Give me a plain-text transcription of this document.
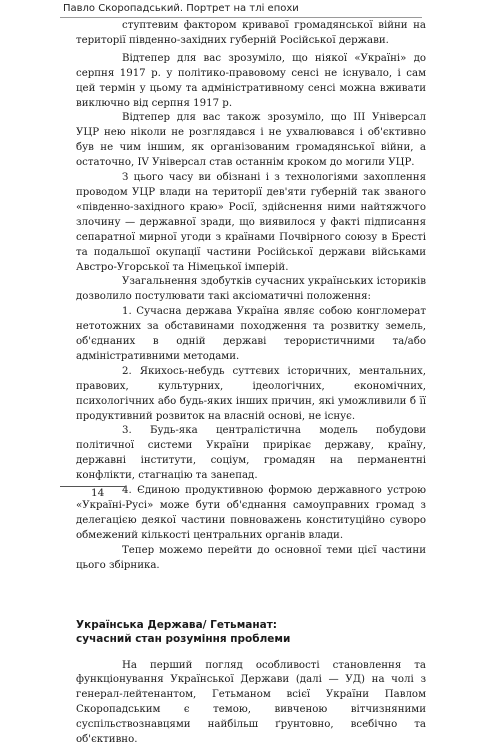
Павло Скоропадський. Портрет на тлі епохи

ступтевим фактором кривавої громадянської війни на території південно-західних губерній Російської держави.

Відтепер для вас зрозуміло, що ніякої «Україні» до серпня 1917 р. у політико-правовому сенсі не існувало, і сам цей термін у цьому та адміністративному сенсі можна вживати виключно від серпня 1917 р.

Відтепер для вас також зрозуміло, що III Універсал УЦР нею ніколи не розглядався і не ухвалювався і об'єктивно був не чим іншим, як організованим громадянської війни, а остаточно, IV Універсал став останнім кроком до могили УЦР.

З цього часу ви обізнані і з технологіями захоплення проводом УЦР влади на території дев'яти губерній так званого «південно-західного краю» Росії, здійснення ними найтяжчого злочину — державної зради, що виявилося у факті підписання сепаратної мирної угоди з країнами Почвірного союзу в Бресті та подальшої окупації частини Російської держави військами Австро-Угорської та Німецької імперій.

Узагальнення здобутків сучасних українських істориків дозволило постулювати такі аксіоматичні положення:

1. Сучасна держава Україна являє собою конгломерат нетотожних за обставинами походження та розвитку земель, об'єднаних в одній державі терористичними та/або адміністративними методами.

2. Якихось-небудь суттєвих історичних, ментальних, правових, культурних, ідеологічних, економічних, психологічних або будь-яких інших причин, які уможливили б її продуктивний розвиток на власній основі, не існує.

3. Будь-яка централістична модель побудови політичної системи України прирікає державу, країну, державні інститути, соціум, громадян на перманентні конфлікти, стагнацію та занепад.

4. Єдиною продуктивною формою державного устрою «Україні-Русі» може бути об'єднання самоуправних громад з делегацією деякої частини повноважень конституційно суворо обмежений кількості центральних органів влади.

Тепер можемо перейти до основної теми цієї частини цього збірника.

Українська Держава/ Гетьманат:
сучасний стан розуміння проблеми

На перший погляд особливості становлення та функціонування Української Держави (далі — УД) на чолі з генерал-лейтенантом, Гетьманом всієї України Павлом Скоропадським є темою, вивченою вітчизняними суспільствознавцями найбільш ґрунтовно, всебічно та об'єктивно.

14
